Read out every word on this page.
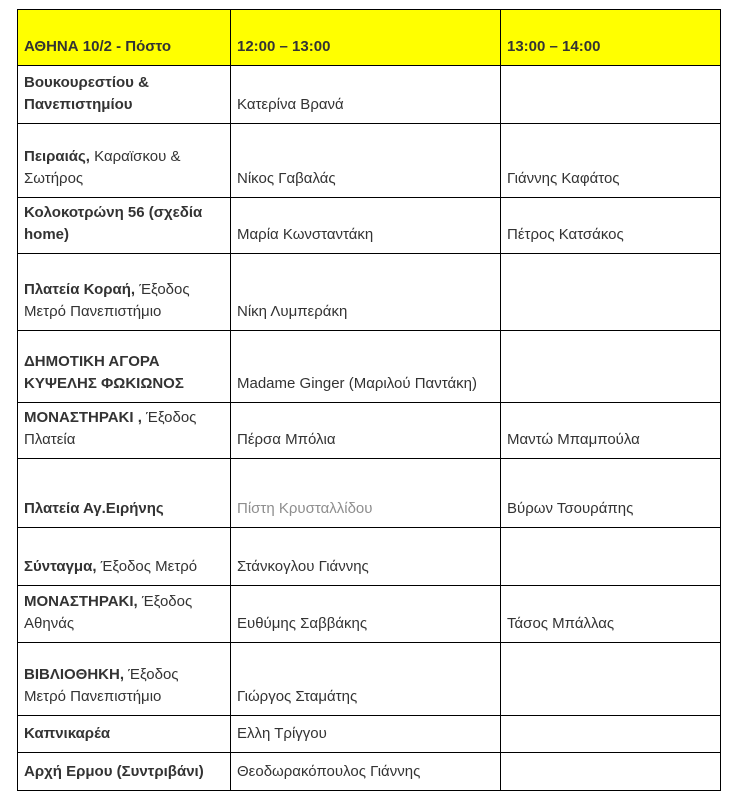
ΑΘΗΝΑ 10/2 - Πόστο	12:00 – 13:00	13:00 – 14:00
Βουκουρεστίου & Πανεπιστημίου	Κατερίνα Βρανά	
Πειραιάς, Καραϊσκου & Σωτήρος	Νίκος Γαβαλάς	Γιάννης Καφάτος
Κολοκοτρώνη 56 (σχεδία home)	Μαρία Κωνσταντάκη	Πέτρος Κατσάκος
Πλατεία Κοραή, Έξοδος Μετρό Πανεπιστήμιο	Νίκη Λυμπεράκη	
ΔΗΜΟΤΙΚΗ ΑΓΟΡΑ ΚΥΨΕΛΗΣ ΦΩΚΙΩΝΟΣ	Madame Ginger (Μαριλού Παντάκη)	
ΜΟΝΑΣΤΗΡΑΚΙ , Έξοδος Πλατεία	Πέρσα Μπόλια	Μαντώ Μπαμπούλα
Πλατεία Αγ.Ειρήνης	Πίστη Κρυσταλλίδου	Βύρων Τσουράπης
Σύνταγμα, Έξοδος Μετρό	Στάνκογλου Γιάννης	
ΜΟΝΑΣΤΗΡΑΚΙ, Έξοδος Αθηνάς	Ευθύμης Σαββάκης	Τάσος Μπάλλας
ΒΙΒΛΙΟΘΗΚΗ, Έξοδος Μετρό Πανεπιστήμιο	Γιώργος Σταμάτης	
Καπνικαρέα	Ελλη Τρίγγου	
Αρχή Ερμου (Συντριβάνι)	Θεοδωρακόπουλος Γιάννης	
